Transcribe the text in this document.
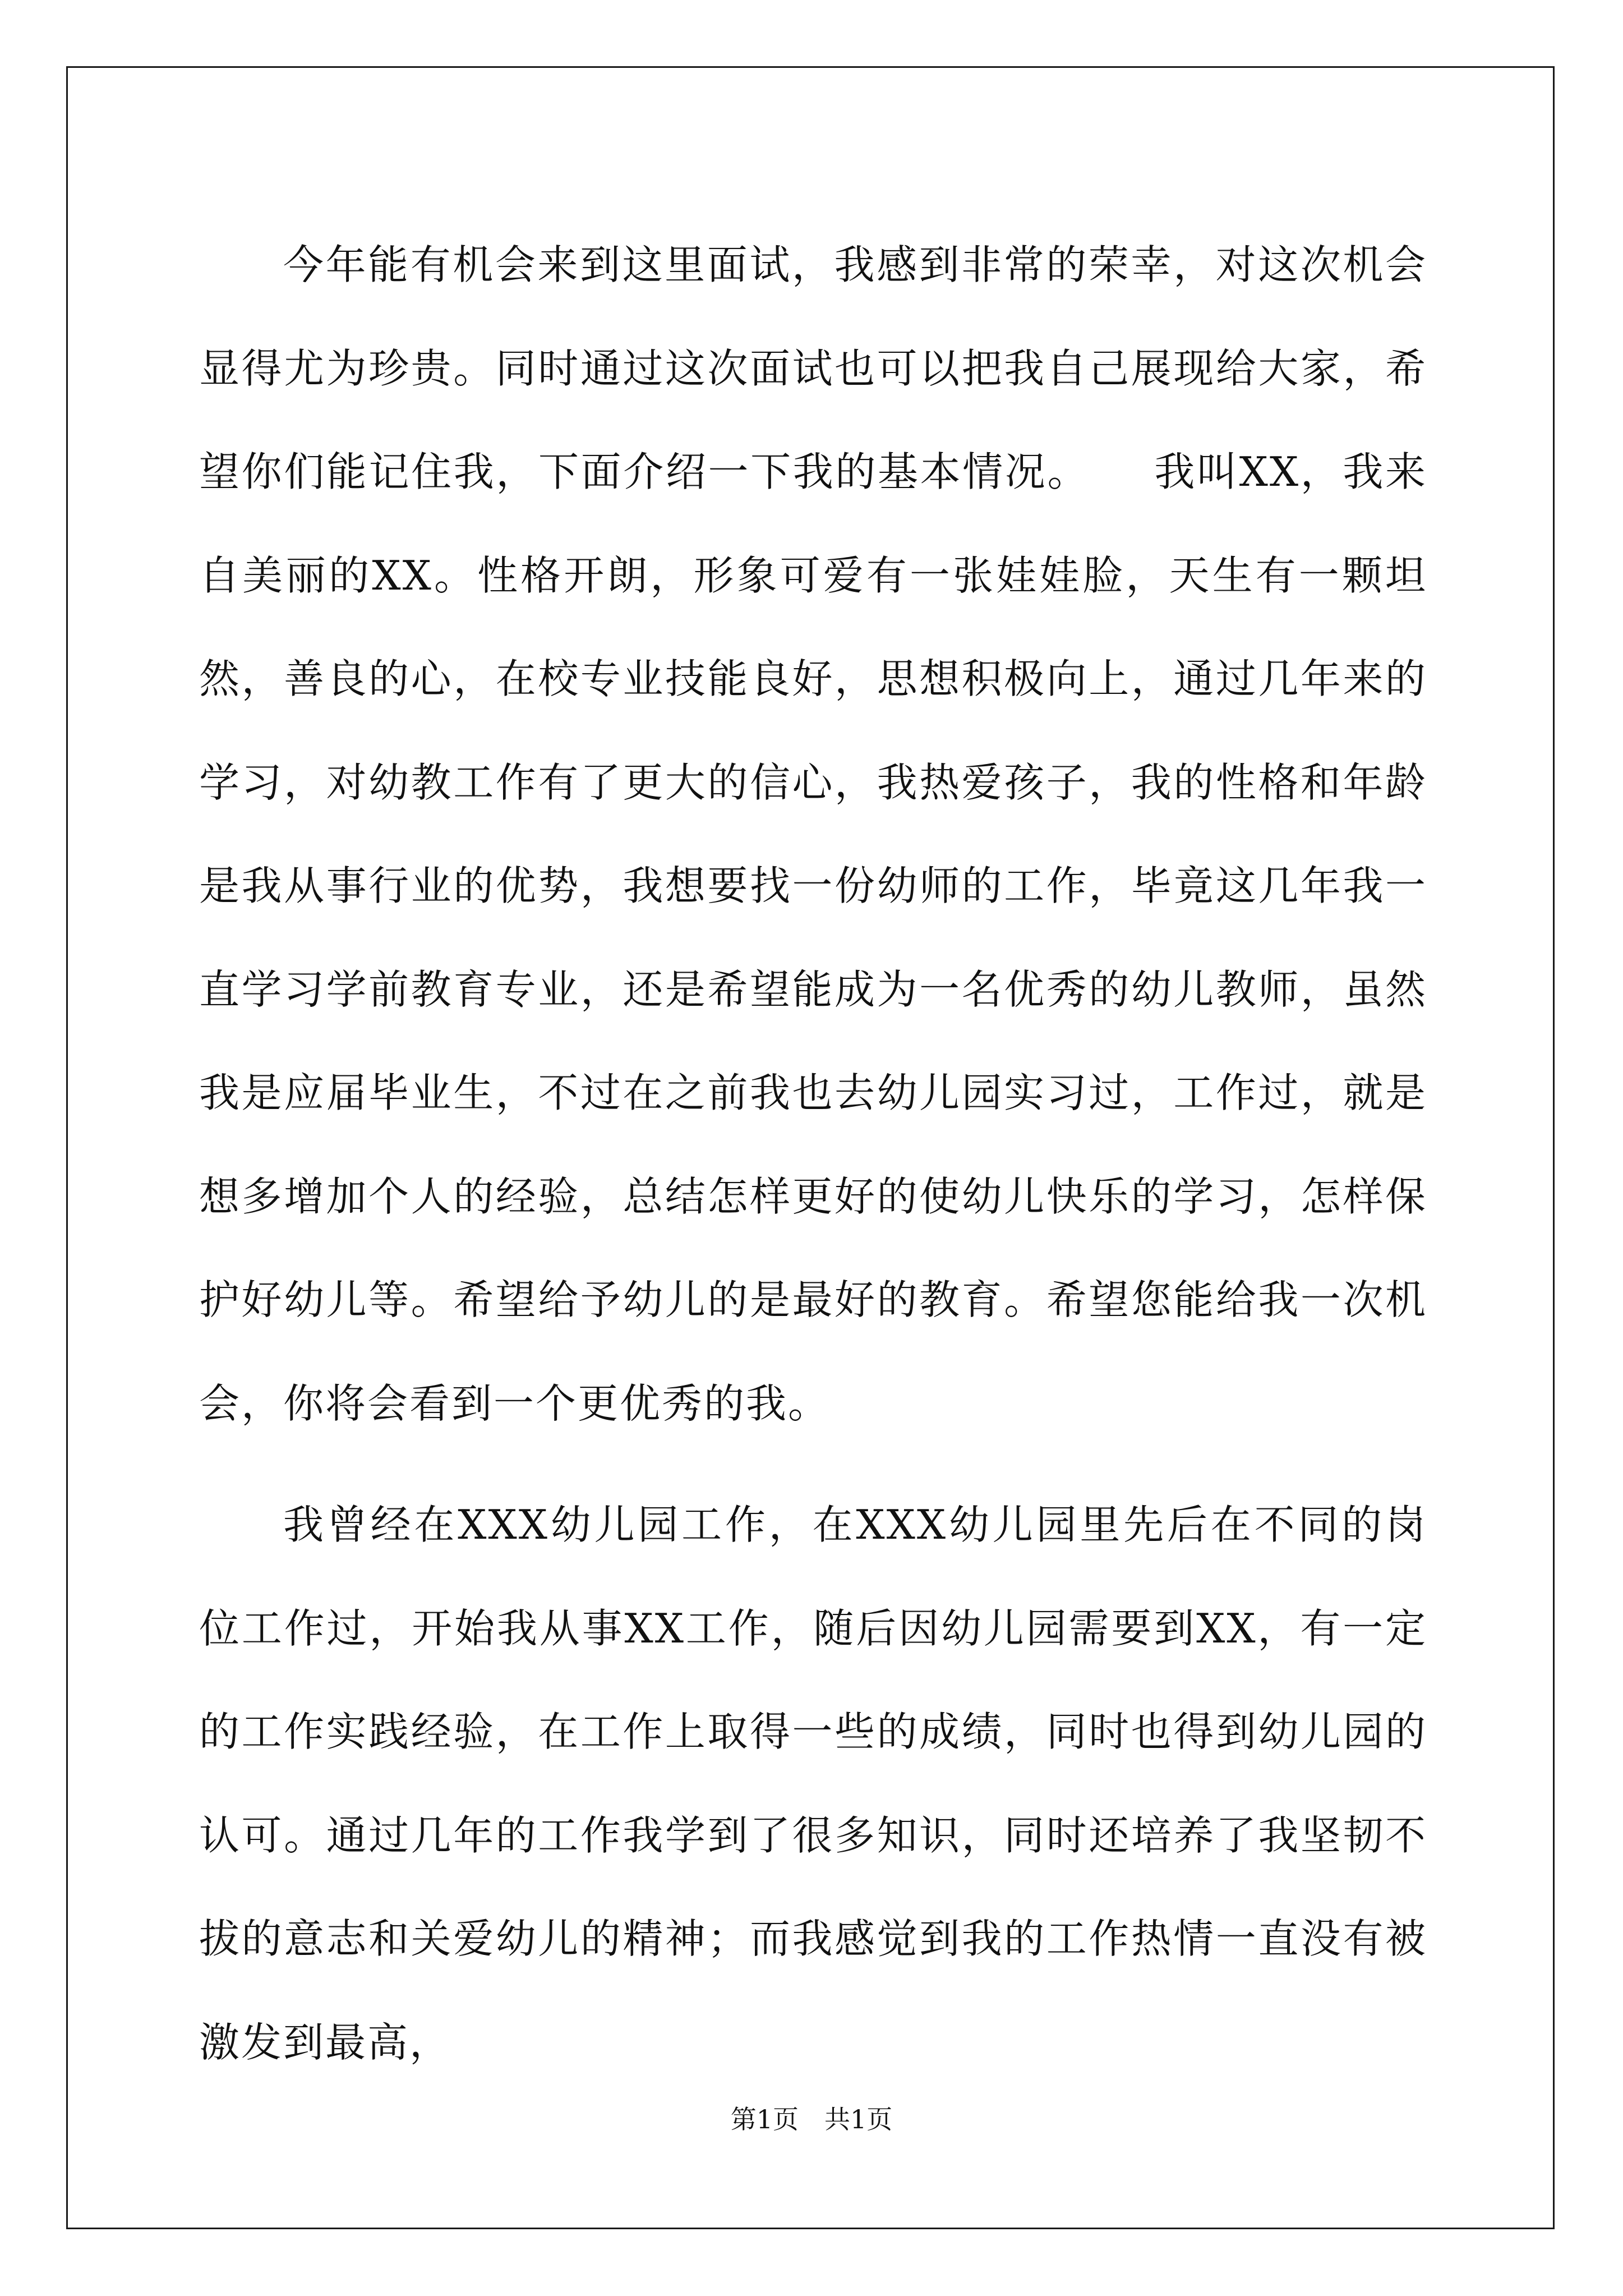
今年能有机会来到这里面试，我感到非常的荣幸，对这次机会显得尤为珍贵。同时通过这次面试也可以把我自己展现给大家，希望你们能记住我，下面介绍一下我的基本情况。　　我叫XX，我来自美丽的XX。性格开朗，形象可爱有一张娃娃脸，天生有一颗坦然，善良的心，在校专业技能良好，思想积极向上，通过几年来的学习，对幼教工作有了更大的信心，我热爱孩子，我的性格和年龄是我从事行业的优势，我想要找一份幼师的工作，毕竟这几年我一直学习学前教育专业，还是希望能成为一名优秀的幼儿教师，虽然我是应届毕业生，不过在之前我也去幼儿园实习过，工作过，就是想多增加个人的经验，总结怎样更好的使幼儿快乐的学习，怎样保护好幼儿等。希望给予幼儿的是最好的教育。希望您能给我一次机会，你将会看到一个更优秀的我。

我曾经在XXX幼儿园工作，在XXX幼儿园里先后在不同的岗位工作过，开始我从事XX工作，随后因幼儿园需要到XX，有一定的工作实践经验，在工作上取得一些的成绩，同时也得到幼儿园的认可。通过几年的工作我学到了很多知识，同时还培养了我坚韧不拔的意志和关爱幼儿的精神；而我感觉到我的工作热情一直没有被激发到最高，

第1页　共1页
